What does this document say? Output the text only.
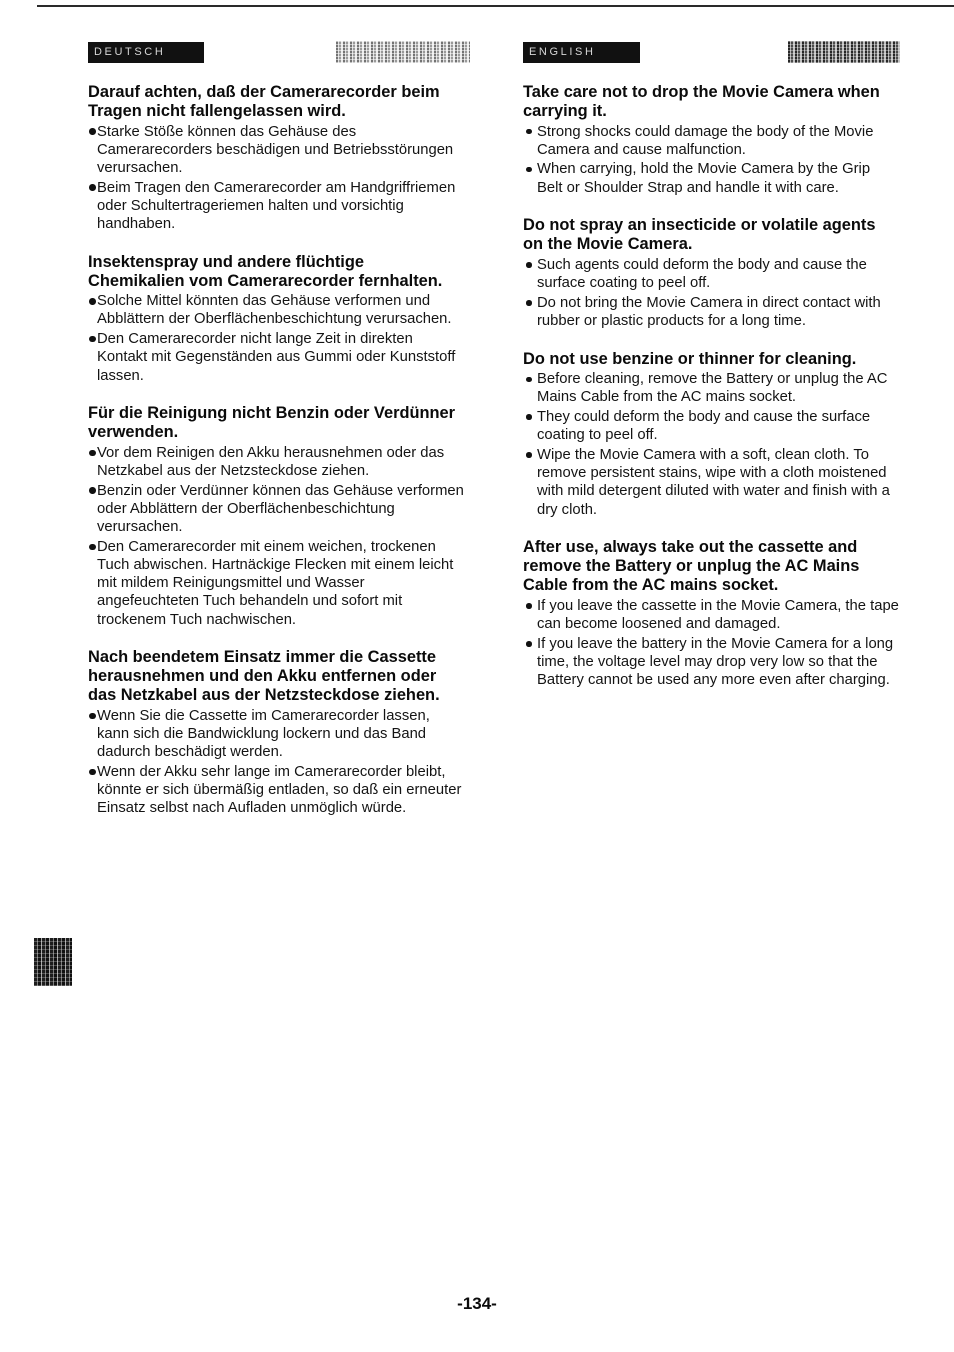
DEUTSCH	ENGLISH
Darauf achten, daß der Camerarecorder beim
Tragen nicht fallengelassen wird.

Starke Stöße können das Gehäuse des
Camerarecorders beschädigen und Betriebsstörungen
verursachen.

Beim Tragen den Camerarecorder am Handgriffriemen
oder Schultertrageriemen halten und vorsichtig
handhaben.

Insektenspray und andere flüchtige
Chemikalien vom Camerarecorder fernhalten.

Solche Mittel könnten das Gehäuse verformen und
Abblättern der Oberflächenbeschichtung verursachen.

Den Camerarecorder nicht lange Zeit in direkten
Kontakt mit Gegenständen aus Gummi oder Kunststoff
lassen.

Für die Reinigung nicht Benzin oder Verdünner
verwenden.

Vor dem Reinigen den Akku herausnehmen oder das
Netzkabel aus der Netzsteckdose ziehen.

Benzin oder Verdünner können das Gehäuse verformen
oder Abblättern der Oberflächenbeschichtung
verursachen.

Den Camerarecorder mit einem weichen, trockenen
Tuch abwischen. Hartnäckige Flecken mit einem leicht
mit mildem Reinigungsmittel und Wasser
angefeuchteten Tuch behandeln und sofort mit
trockenem Tuch nachwischen.

Nach beendetem Einsatz immer die Cassette
herausnehmen und den Akku entfernen oder
das Netzkabel aus der Netzsteckdose ziehen.

Wenn Sie die Cassette im Camerarecorder lassen,
kann sich die Bandwicklung lockern und das Band
dadurch beschädigt werden.

Wenn der Akku sehr lange im Camerarecorder bleibt,
könnte er sich übermäßig entladen, so daß ein erneuter
Einsatz selbst nach Aufladen unmöglich würde.

Take care not to drop the Movie Camera when
carrying it.

Strong shocks could damage the body of the Movie
Camera and cause malfunction.

When carrying, hold the Movie Camera by the Grip
Belt or Shoulder Strap and handle it with care.

Do not spray an insecticide or volatile agents
on the Movie Camera.

Such agents could deform the body and cause the
surface coating to peel off.

Do not bring the Movie Camera in direct contact with
rubber or plastic products for a long time.

Do not use benzine or thinner for cleaning.

Before cleaning, remove the Battery or unplug the AC
Mains Cable from the AC mains socket.

They could deform the body and cause the surface
coating to peel off.

Wipe the Movie Camera with a soft, clean cloth. To
remove persistent stains, wipe with a cloth moistened
with mild detergent diluted with water and finish with a
dry cloth.

After use, always take out the cassette and
remove the Battery or unplug the AC Mains
Cable from the AC mains socket.

If you leave the cassette in the Movie Camera, the tape
can become loosened and damaged.

If you leave the battery in the Movie Camera for a long
time, the voltage level may drop very low so that the
Battery cannot be used any more even after charging.

-134-
